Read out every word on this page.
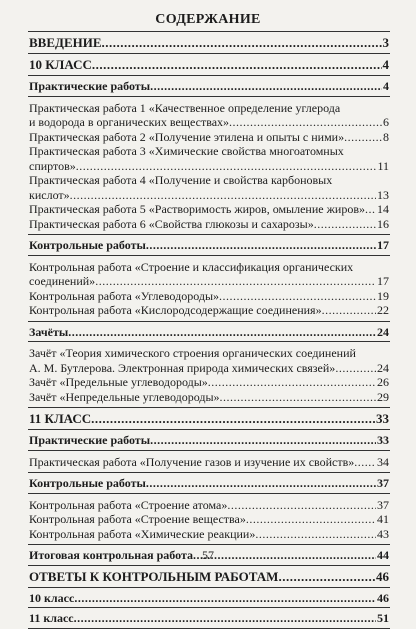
СОДЕРЖАНИЕ
ВВЕДЕНИЕ .....	3
10 КЛАСС .....	4
Практические работы .....	4
Практическая работа 1 «Качественное определение углерода
и водорода в органических веществах» .....	6
Практическая работа 2 «Получение этилена и опыты с ними» .....	8
Практическая работа 3 «Химические свойства многоатомных
спиртов» .....	11
Практическая работа 4 «Получение и свойства карбоновых
кислот» .....	13
Практическая работа 5 «Растворимость жиров, омыление жиров» ..... 14
Практическая работа 6 «Свойства глюкозы и сахарозы» .....	16
Контрольные работы .....	17
Контрольная работа «Строение и классификация органических
соединений» .....	17
Контрольная работа «Углеводороды» .....	19
Контрольная работа «Кислородсодержащие соединения» .....	22
Зачёты .....	24
Зачёт «Теория химического строения органических соединений
А. М. Бутлерова. Электронная природа химических связей» .....	24
Зачёт «Предельные углеводороды» .....	26
Зачёт «Непредельные углеводороды» .....	29
11 КЛАСС .....	33
Практические работы .....	33
Практическая работа «Получение газов и изучение их свойств» ..... 34
Контрольные работы .....	37
Контрольная работа «Строение атома» .....	37
Контрольная работа «Строение вещества» .....	41
Контрольная работа «Химические реакции» .....	43
Итоговая контрольная работа .....	44
ОТВЕТЫ К КОНТРОЛЬНЫМ РАБОТАМ .....	46
10 класс .....	46
11 класс .....	51
57
